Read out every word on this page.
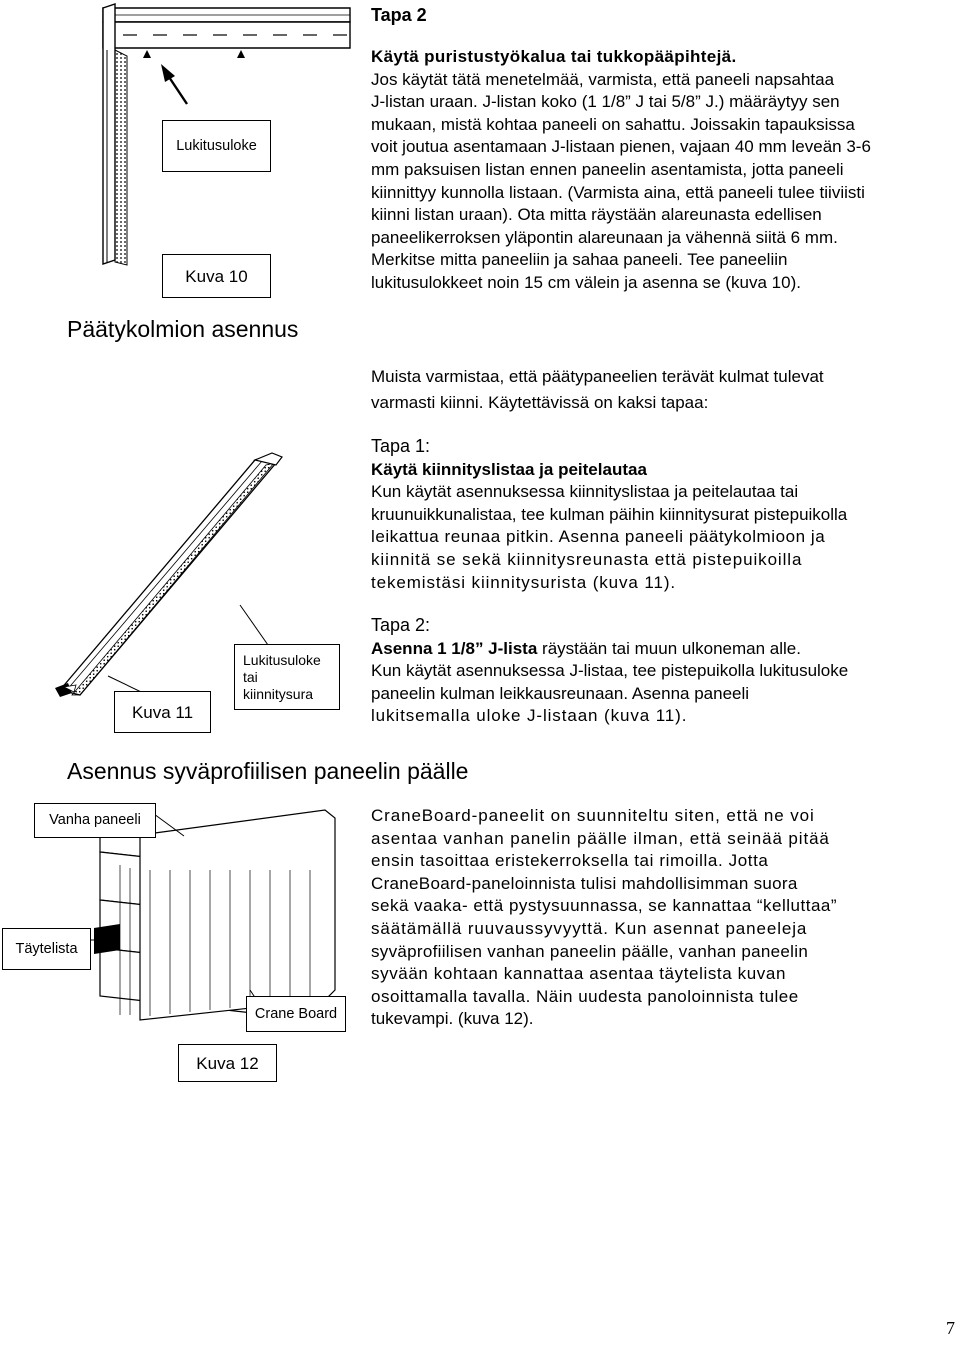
Lukitusuloke
Kuva 10

Tapa 2

Käytä puristustyökalua tai tukkopääpihtejä.

Jos käytät tätä menetelmää, varmista, että paneeli napsahtaa

J-listan uraan. J-listan koko (1 1/8” J tai 5/8” J.) määräytyy sen

mukaan, mistä kohtaa paneeli on sahattu. Joissakin tapauksissa

voit joutua asentamaan J-listaan pienen, vajaan 40 mm leveän 3-6

mm paksuisen listan ennen paneelin asentamista, jotta paneeli

kiinnittyy kunnolla listaan. (Varmista aina, että paneeli tulee tiiviisti

kiinni listan uraan). Ota mitta räystään alareunasta edellisen

paneelikerroksen yläpontin alareunaan ja vähennä siitä 6 mm.

Merkitse mitta paneeliin ja sahaa paneeli. Tee paneeliin

lukitusulokkeet noin 15 cm välein ja asenna se (kuva 10).

Päätykolmion asennus

Muista varmistaa, että päätypaneelien terävät kulmat tulevat

varmasti kiinni. Käytettävissä on kaksi tapaa:

Tapa 1:

Käytä kiinnityslistaa ja peitelautaa

Kun käytät asennuksessa kiinnityslistaa ja peitelautaa tai

kruunuikkunalistaa, tee kulman päihin kiinnitysurat pistepuikolla

leikattua reunaa pitkin. Asenna paneeli päätykolmioon ja

kiinnitä se sekä kiinnitysreunasta että pistepuikoilla

tekemistäsi kiinnitysurista (kuva 11).

Tapa 2:

Asenna 1 1/8” J-lista räystään tai muun ulkoneman alle.

Kun käytät asennuksessa J-listaa, tee pistepuikolla lukitusuloke

paneelin kulman leikkausreunaan. Asenna paneeli

lukitsemalla uloke J-listaan (kuva 11).

Kuva 11
Lukitusuloke
tai
kiinnitysura
Asennus syväprofiilisen paneelin päälle

CraneBoard-paneelit on suunniteltu siten, että ne voi

asentaa vanhan panelin päälle ilman, että seinää pitää

ensin tasoittaa eristekerroksella tai rimoilla. Jotta

CraneBoard-paneloinnista tulisi mahdollisimman suora

sekä vaaka- että pystysuunnassa, se kannattaa “kelluttaa”

säätämällä ruuvaussyvyyttä. Kun asennat paneeleja

syväprofiilisen vanhan paneelin päälle, vanhan paneelin

syvään kohtaan kannattaa asentaa täytelista kuvan

osoittamalla tavalla. Näin uudesta panoloinnista tulee

tukevampi. (kuva 12).

Vanha paneeli
Täytelista
Crane Board
Kuva 12
7
